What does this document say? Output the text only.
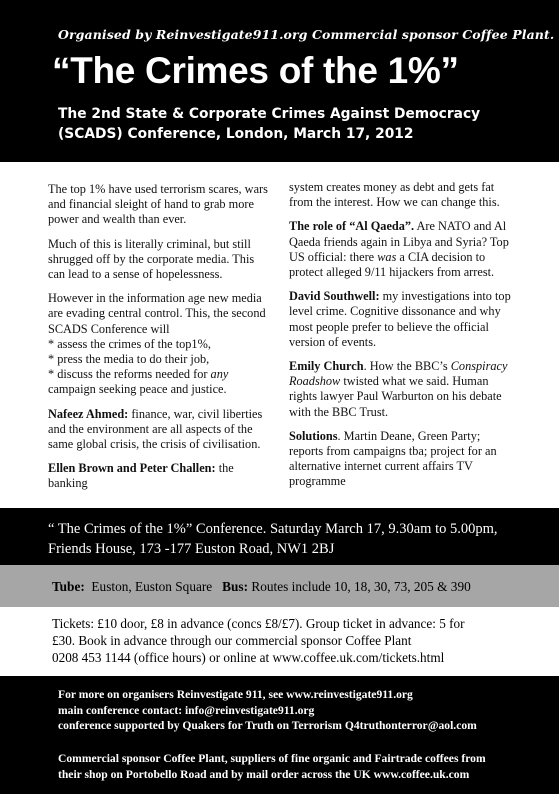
Organised by Reinvestigate911.org Commercial sponsor Coffee Plant.
“The Crimes of the 1%”
The 2nd State & Corporate Crimes Against Democracy
(SCADS) Conference, London, March 17, 2012

The top 1% have used terrorism scares, wars and financial sleight of hand to grab more power and wealth than ever.

Much of this is literally criminal, but still shrugged off by the corporate media. This can lead to a sense of hopelessness.

However in the information age new media are evading central control. This, the second SCADS Conference will
* assess the crimes of the top1%,
* press the media to do their job,
* discuss the reforms needed for any
campaign seeking peace and justice.

Nafeez Ahmed: finance, war, civil liberties and the environment are all aspects of the same global crisis, the crisis of civilisation.

Ellen Brown and Peter Challen: the banking

system creates money as debt and gets fat from the interest. How we can change this.

The role of “Al Qaeda”. Are NATO and Al Qaeda friends again in Libya and Syria? Top US official: there was a CIA decision to protect alleged 9/11 hijackers from arrest.

David Southwell: my investigations into top level crime. Cognitive dissonance and why most people prefer to believe the official version of events.

Emily Church. How the BBC’s Conspiracy Roadshow twisted what we said. Human rights lawyer Paul Warburton on his debate with the BBC Trust.

Solutions. Martin Deane, Green Party; reports from campaigns tba; project for an alternative internet current affairs TV programme

“ The Crimes of the 1%” Conference. Saturday March 17, 9.30am to 5.00pm,
Friends House, 173 -177 Euston Road, NW1 2BJ
Tube:  Euston, Euston Square   Bus: Routes include 10, 18, 30, 73, 205 & 390
Tickets: £10 door, £8 in advance (concs £8/£7). Group ticket in advance: 5 for
£30. Book in advance through our commercial sponsor Coffee Plant
0208 453 1144 (office hours) or online at www.coffee.uk.com/tickets.html
For more on organisers Reinvestigate 911, see www.reinvestigate911.org
main conference contact: info@reinvestigate911.org
conference supported by Quakers for Truth on Terrorism Q4truthonterror@aol.com
Commercial sponsor Coffee Plant, suppliers of fine organic and Fairtrade coffees from
their shop on Portobello Road and by mail order across the UK www.coffee.uk.com
